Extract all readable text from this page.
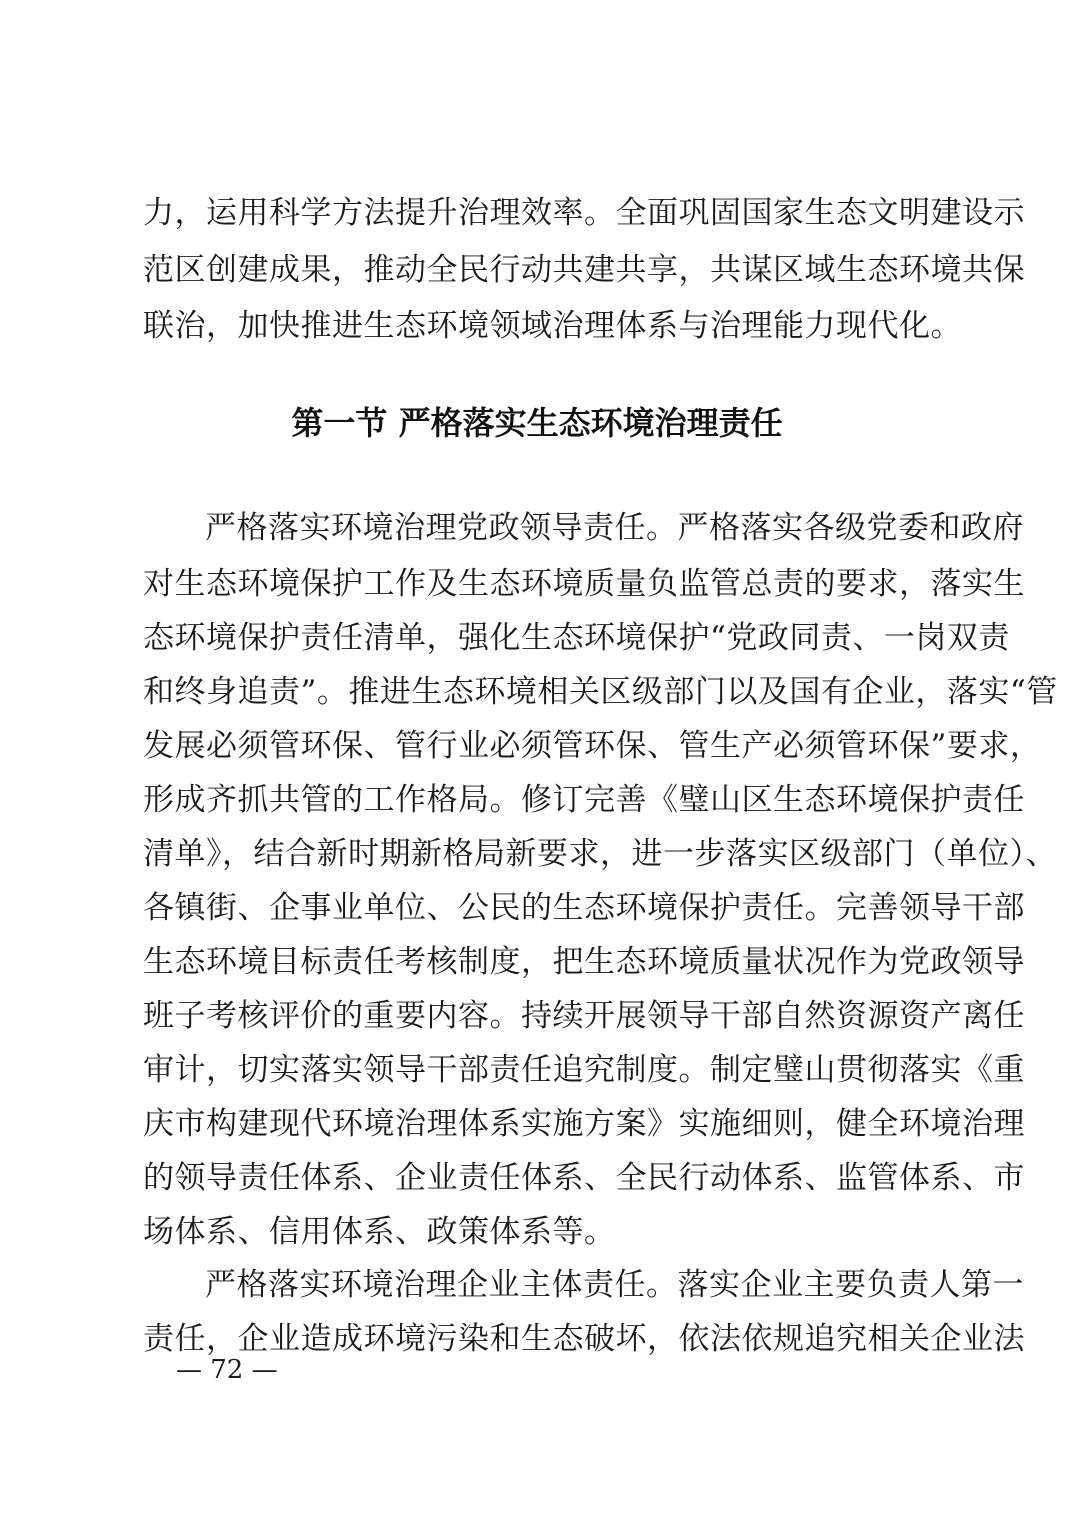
力，运用科学方法提升治理效率。全面巩固国家生态文明建设示
范区创建成果，推动全民行动共建共享，共谋区域生态环境共保
联治，加快推进生态环境领域治理体系与治理能力现代化。
第一节 严格落实生态环境治理责任
严格落实环境治理党政领导责任。严格落实各级党委和政府
对生态环境保护工作及生态环境质量负监管总责的要求，落实生
态环境保护责任清单，强化生态环境保护“党政同责、一岗双责
和终身追责”。推进生态环境相关区级部门以及国有企业，落实“管
发展必须管环保、管行业必须管环保、管生产必须管环保”要求，
形成齐抓共管的工作格局。修订完善《璧山区生态环境保护责任
清单》，结合新时期新格局新要求，进一步落实区级部门（单位）、
各镇街、企事业单位、公民的生态环境保护责任。完善领导干部
生态环境目标责任考核制度，把生态环境质量状况作为党政领导
班子考核评价的重要内容。持续开展领导干部自然资源资产离任
审计，切实落实领导干部责任追究制度。制定璧山贯彻落实《重
庆市构建现代环境治理体系实施方案》实施细则，健全环境治理
的领导责任体系、企业责任体系、全民行动体系、监管体系、市
场体系、信用体系、政策体系等。
严格落实环境治理企业主体责任。落实企业主要负责人第一
责任，企业造成环境污染和生态破坏，依法依规追究相关企业法
— 72 —
